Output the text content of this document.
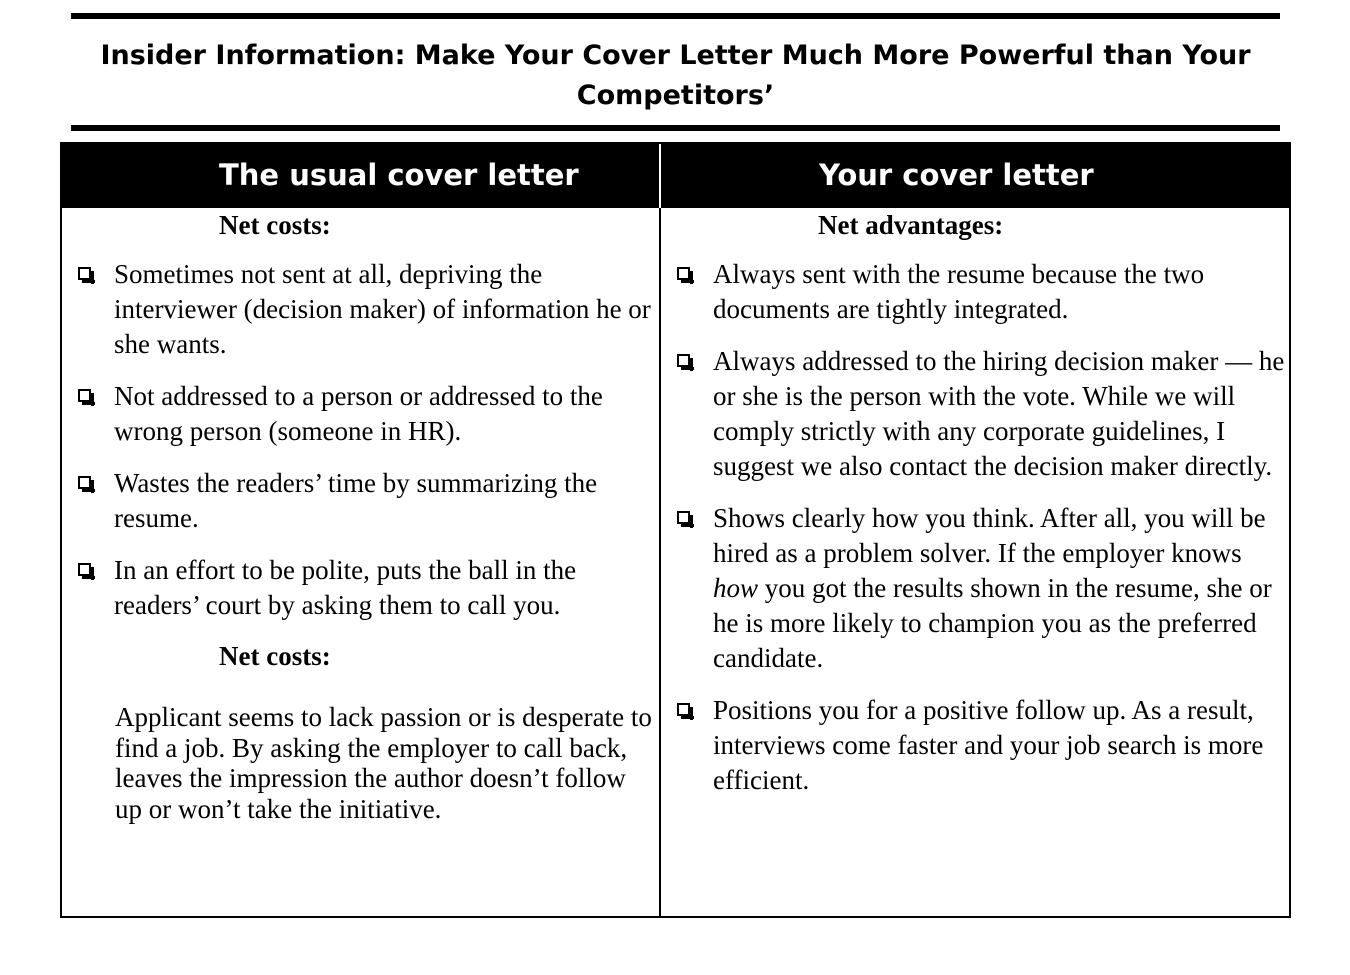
Insider Information: Make Your Cover Letter Much More Powerful than Your Competitors’
The usual cover letter	Your cover letter

Net costs:

Sometimes not sent at all, depriving the interviewer (decision maker) of information he or she wants.
Not addressed to a person or addressed to the wrong person (someone in HR).
Wastes the readers’ time by summarizing the resume.
In an effort to be polite, puts the ball in the readers’ court by asking them to call you.

Net costs:

Applicant seems to lack passion or is desperate to find a job. By asking the employer to call back, leaves the impression the author doesn’t follow up or won’t take the initiative.

Net advantages:

Always sent with the resume because the two documents are tightly integrated.
Always addressed to the hiring decision maker — he or she is the person with the vote. While we will comply strictly with any corporate guidelines, I suggest we also contact the decision maker directly.
Shows clearly how you think. After all, you will be hired as a problem solver. If the employer knows how you got the results shown in the resume, she or he is more likely to champion you as the preferred candidate.
Positions you for a positive follow up. As a result, interviews come faster and your job search is more efficient.
